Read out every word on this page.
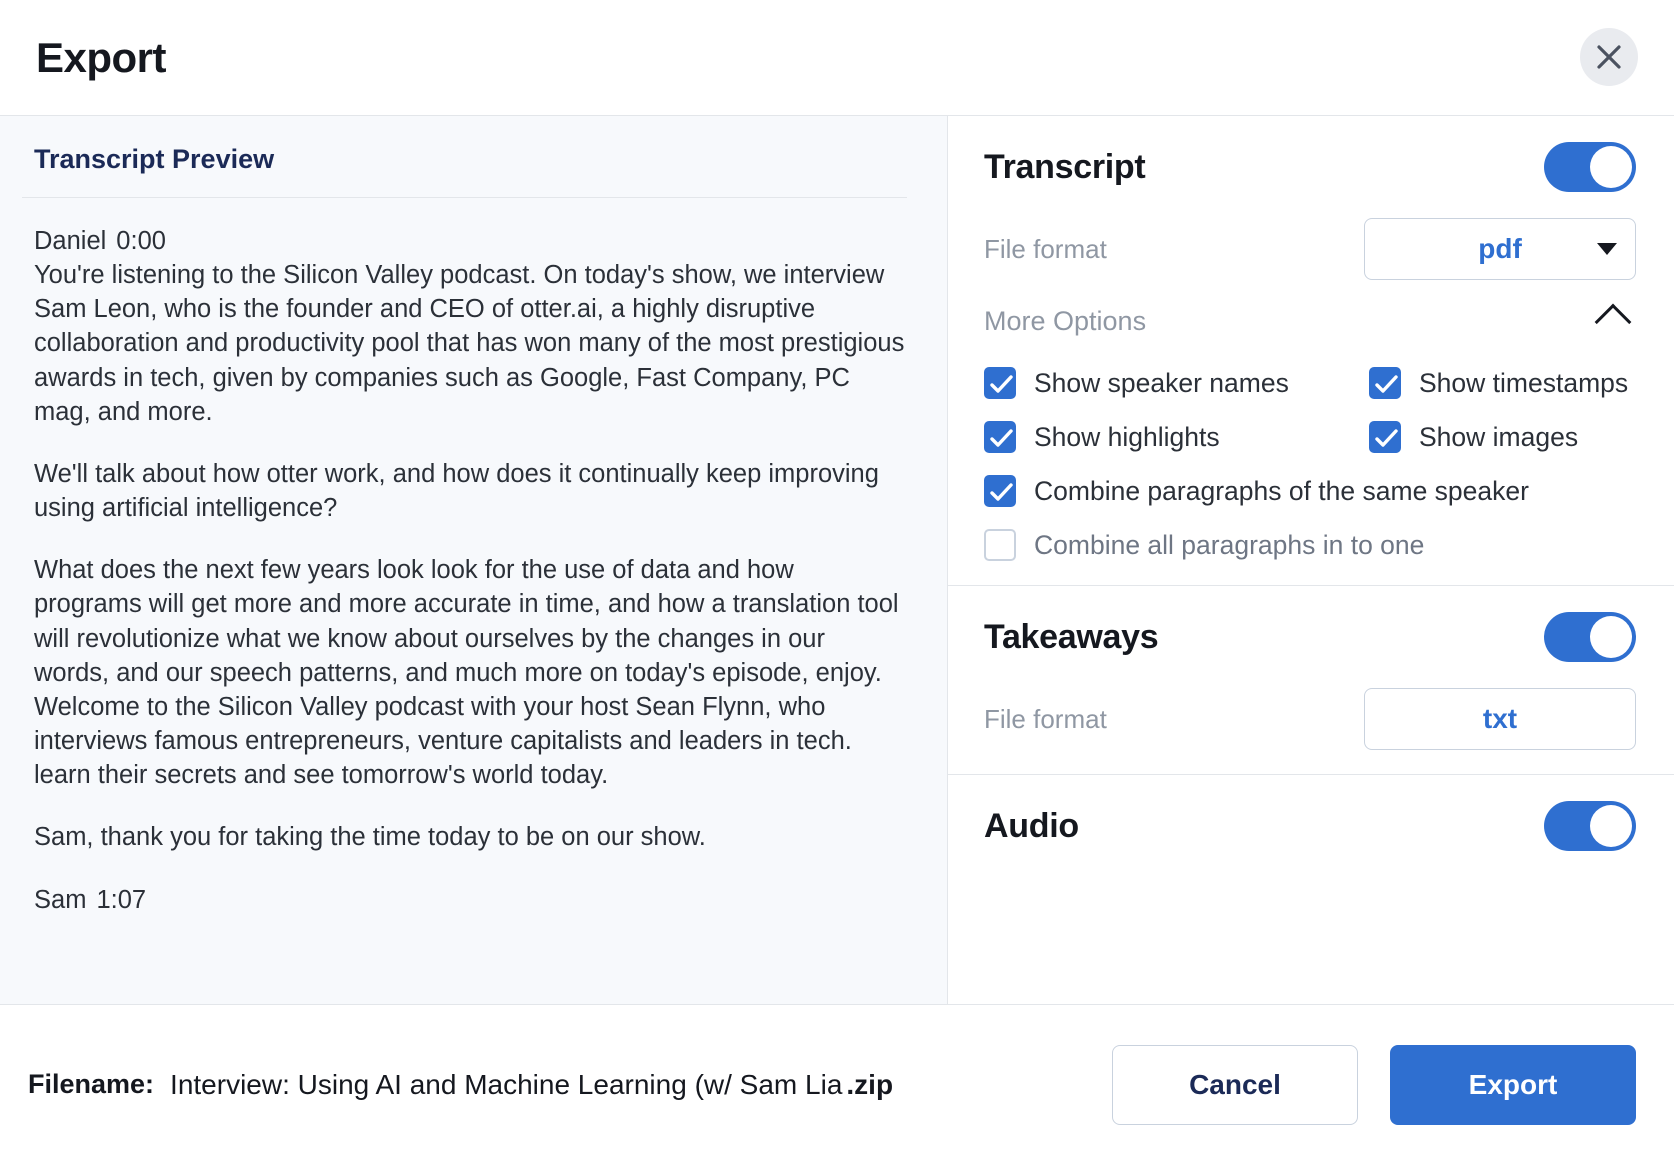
Export
Transcript Preview
Daniel 0:00
You're listening to the Silicon Valley podcast. On today's show, we interview Sam Leon, who is the founder and CEO of otter.ai, a highly disruptive collaboration and productivity pool that has won many of the most prestigious awards in tech, given by companies such as Google, Fast Company, PC mag, and more.
We'll talk about how otter work, and how does it continually keep improving using artificial intelligence?
What does the next few years look look for the use of data and how programs will get more and more accurate in time, and how a translation tool will revolutionize what we know about ourselves by the changes in our words, and our speech patterns, and much more on today's episode, enjoy. Welcome to the Silicon Valley podcast with your host Sean Flynn, who interviews famous entrepreneurs, venture capitalists and leaders in tech. learn their secrets and see tomorrow's world today.
Sam, thank you for taking the time today to be on our show.
Sam 1:07
Transcript
File format	pdf
More Options
Show speaker names	Show timestamps
Show highlights	Show images
Combine paragraphs of the same speaker
Combine all paragraphs in to one
Takeaways
File format	txt
Audio
Filename: Interview: Using AI and Machine Learning (w/ Sam Lia .zip	Cancel	Export
